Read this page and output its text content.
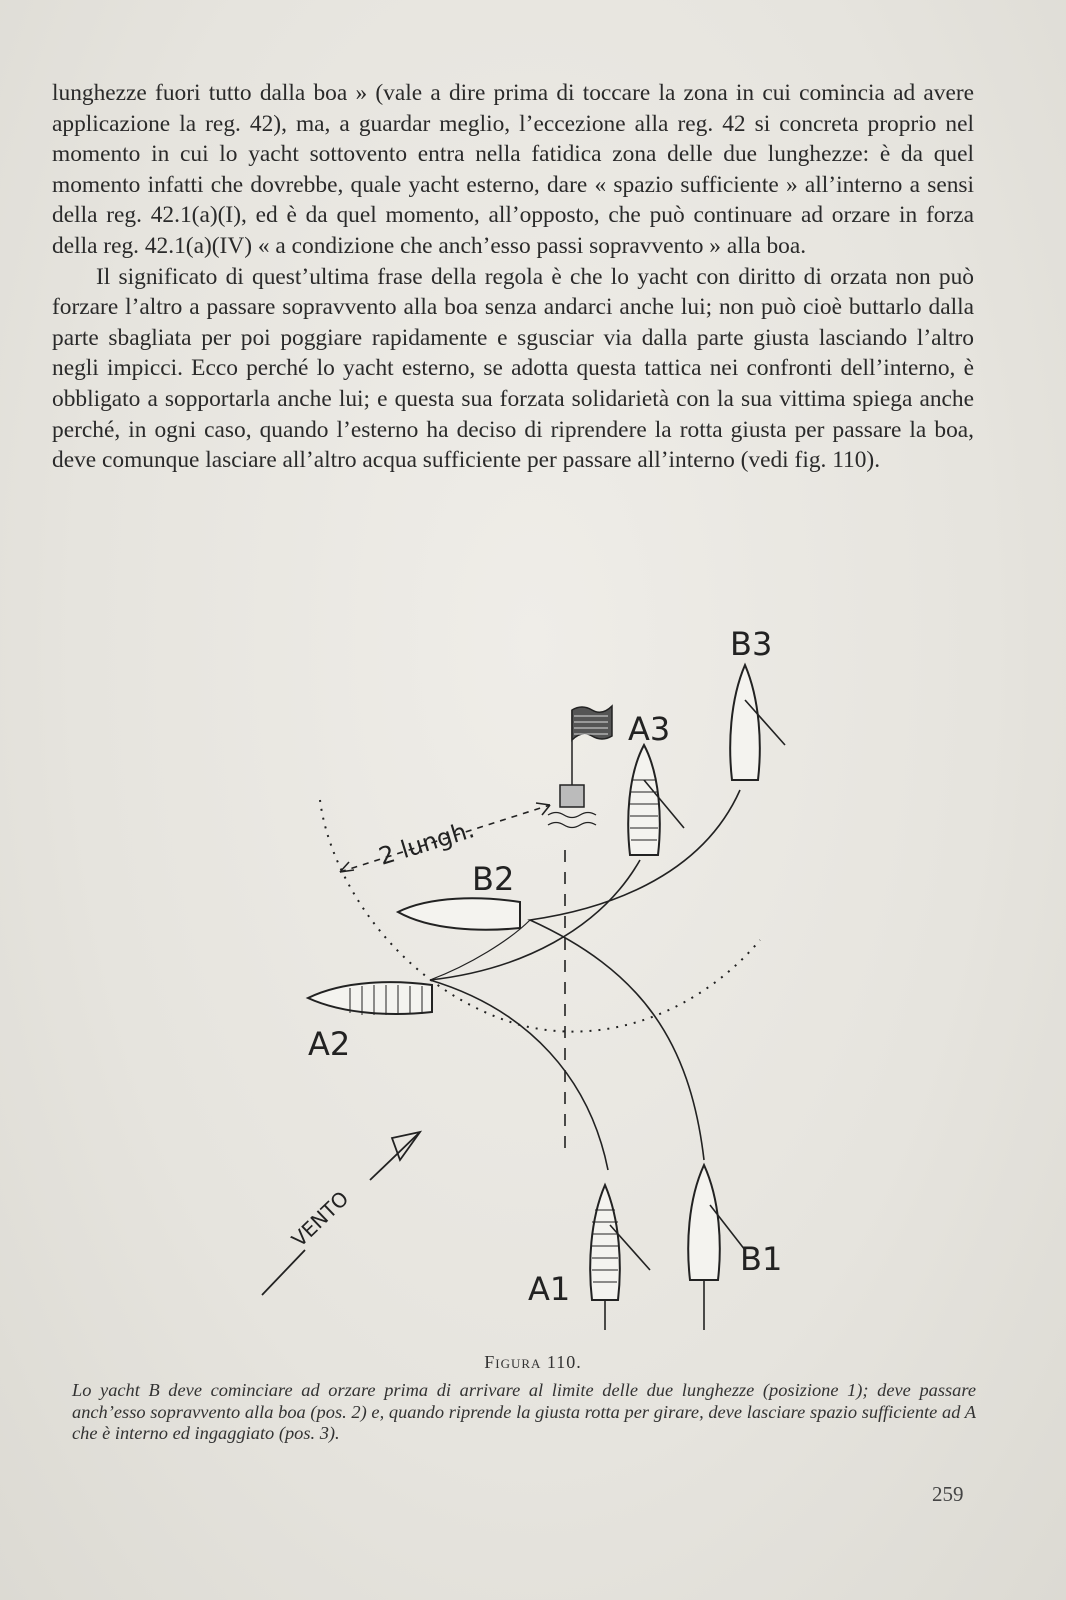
lunghezze fuori tutto dalla boa » (vale a dire prima di toccare la zona in cui comincia ad avere applicazione la reg. 42), ma, a guardar meglio, l’eccezione alla reg. 42 si concreta proprio nel momento in cui lo yacht sottovento entra nella fatidica zona delle due lunghezze: è da quel momento infatti che dovrebbe, quale yacht esterno, dare « spazio sufficiente » all’interno a sensi della reg. 42.1(a)(I), ed è da quel momento, all’opposto, che può continuare ad orzare in forza della reg. 42.1(a)(IV) « a condizione che anch’esso passi sopravvento » alla boa.

Il significato di quest’ultima frase della regola è che lo yacht con diritto di orzata non può forzare l’altro a passare sopravvento alla boa senza andarci anche lui; non può cioè buttarlo dalla parte sbagliata per poi poggiare rapidamente e sgusciar via dalla parte giusta lasciando l’altro negli impicci. Ecco perché lo yacht esterno, se adotta questa tattica nei confronti dell’interno, è obbligato a sopportarla anche lui; e questa sua forzata solidarietà con la sua vittima spiega anche perché, in ogni caso, quando l’esterno ha deciso di riprendere la rotta giusta per passare la boa, deve comunque lasciare all’altro acqua sufficiente per passare all’interno (vedi fig. 110).

B3
A3
B2
A2
A1
B1
2 lungh.
VENTO
Figura 110.
Lo yacht B deve cominciare ad orzare prima di arrivare al limite delle due lunghezze (posizione 1); deve passare anch’esso sopravvento alla boa (pos. 2) e, quando riprende la giusta rotta per girare, deve lasciare spazio sufficiente ad A che è interno ed ingaggiato (pos. 3).
259
